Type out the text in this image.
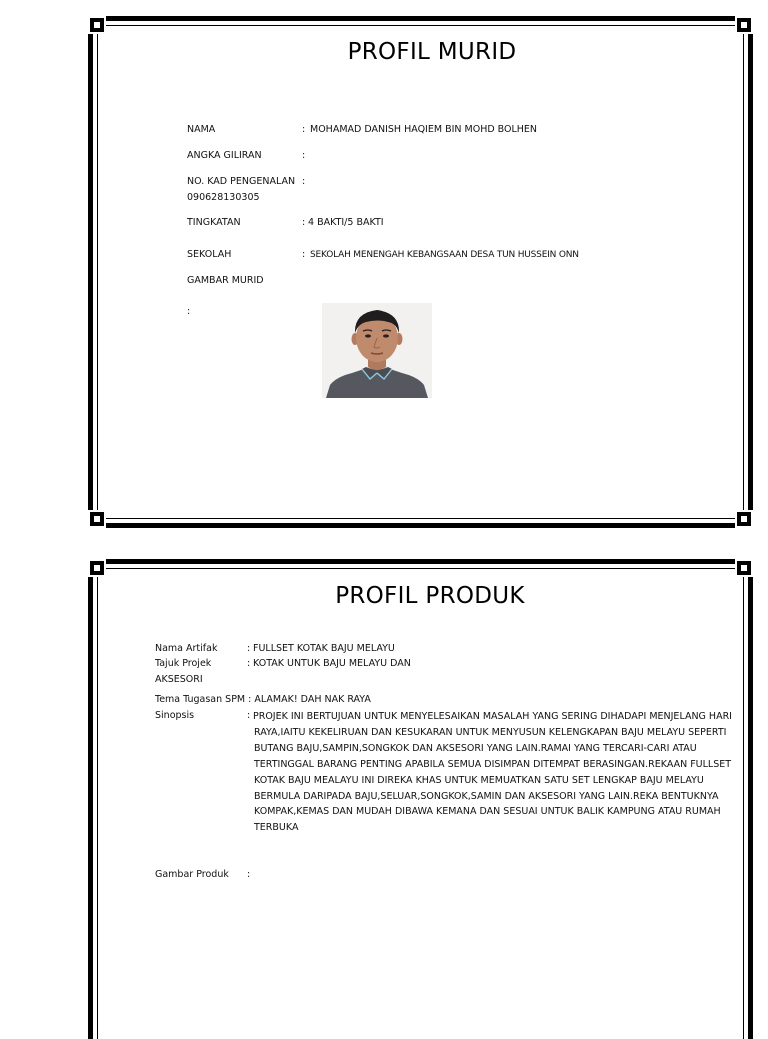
PROFIL MURID
NAMA	: MOHAMAD DANISH HAQIEM BIN MOHD BOLHEN
ANGKA GILIRAN	:
NO. KAD PENGENALAN :
090628130305
TINGKATAN	: 4 BAKTI/5 BAKTI
SEKOLAH	: SEKOLAH MENENGAH KEBANGSAAN DESA TUN HUSSEIN ONN
GAMBAR MURID
:
PROFIL PRODUK
Nama Artifak	: FULLSET KOTAK BAJU MELAYU
Tajuk Projek	: KOTAK UNTUK BAJU MELAYU DAN
AKSESORI
Tema Tugasan SPM : ALAMAK! DAH NAK RAYA
Sinopsis	: PROJEK INI BERTUJUAN UNTUK MENYELESAIKAN MASALAH YANG SERING DIHADAPI MENJELANG HARI
RAYA,IAITU KEKELIRUAN DAN KESUKARAN UNTUK MENYUSUN KELENGKAPAN BAJU MELAYU SEPERTI
BUTANG BAJU,SAMPIN,SONGKOK DAN AKSESORI YANG LAIN.RAMAI YANG TERCARI-CARI ATAU
TERTINGGAL BARANG PENTING APABILA SEMUA DISIMPAN DITEMPAT BERASINGAN.REKAAN FULLSET
KOTAK BAJU MEALAYU INI DIREKA KHAS UNTUK MEMUATKAN SATU SET LENGKAP BAJU MELAYU
BERMULA DARIPADA BAJU,SELUAR,SONGKOK,SAMIN DAN AKSESORI YANG LAIN.REKA BENTUKNYA
KOMPAK,KEMAS DAN MUDAH DIBAWA KEMANA DAN SESUAI UNTUK BALIK KAMPUNG ATAU RUMAH
TERBUKA
Gambar Produk :
